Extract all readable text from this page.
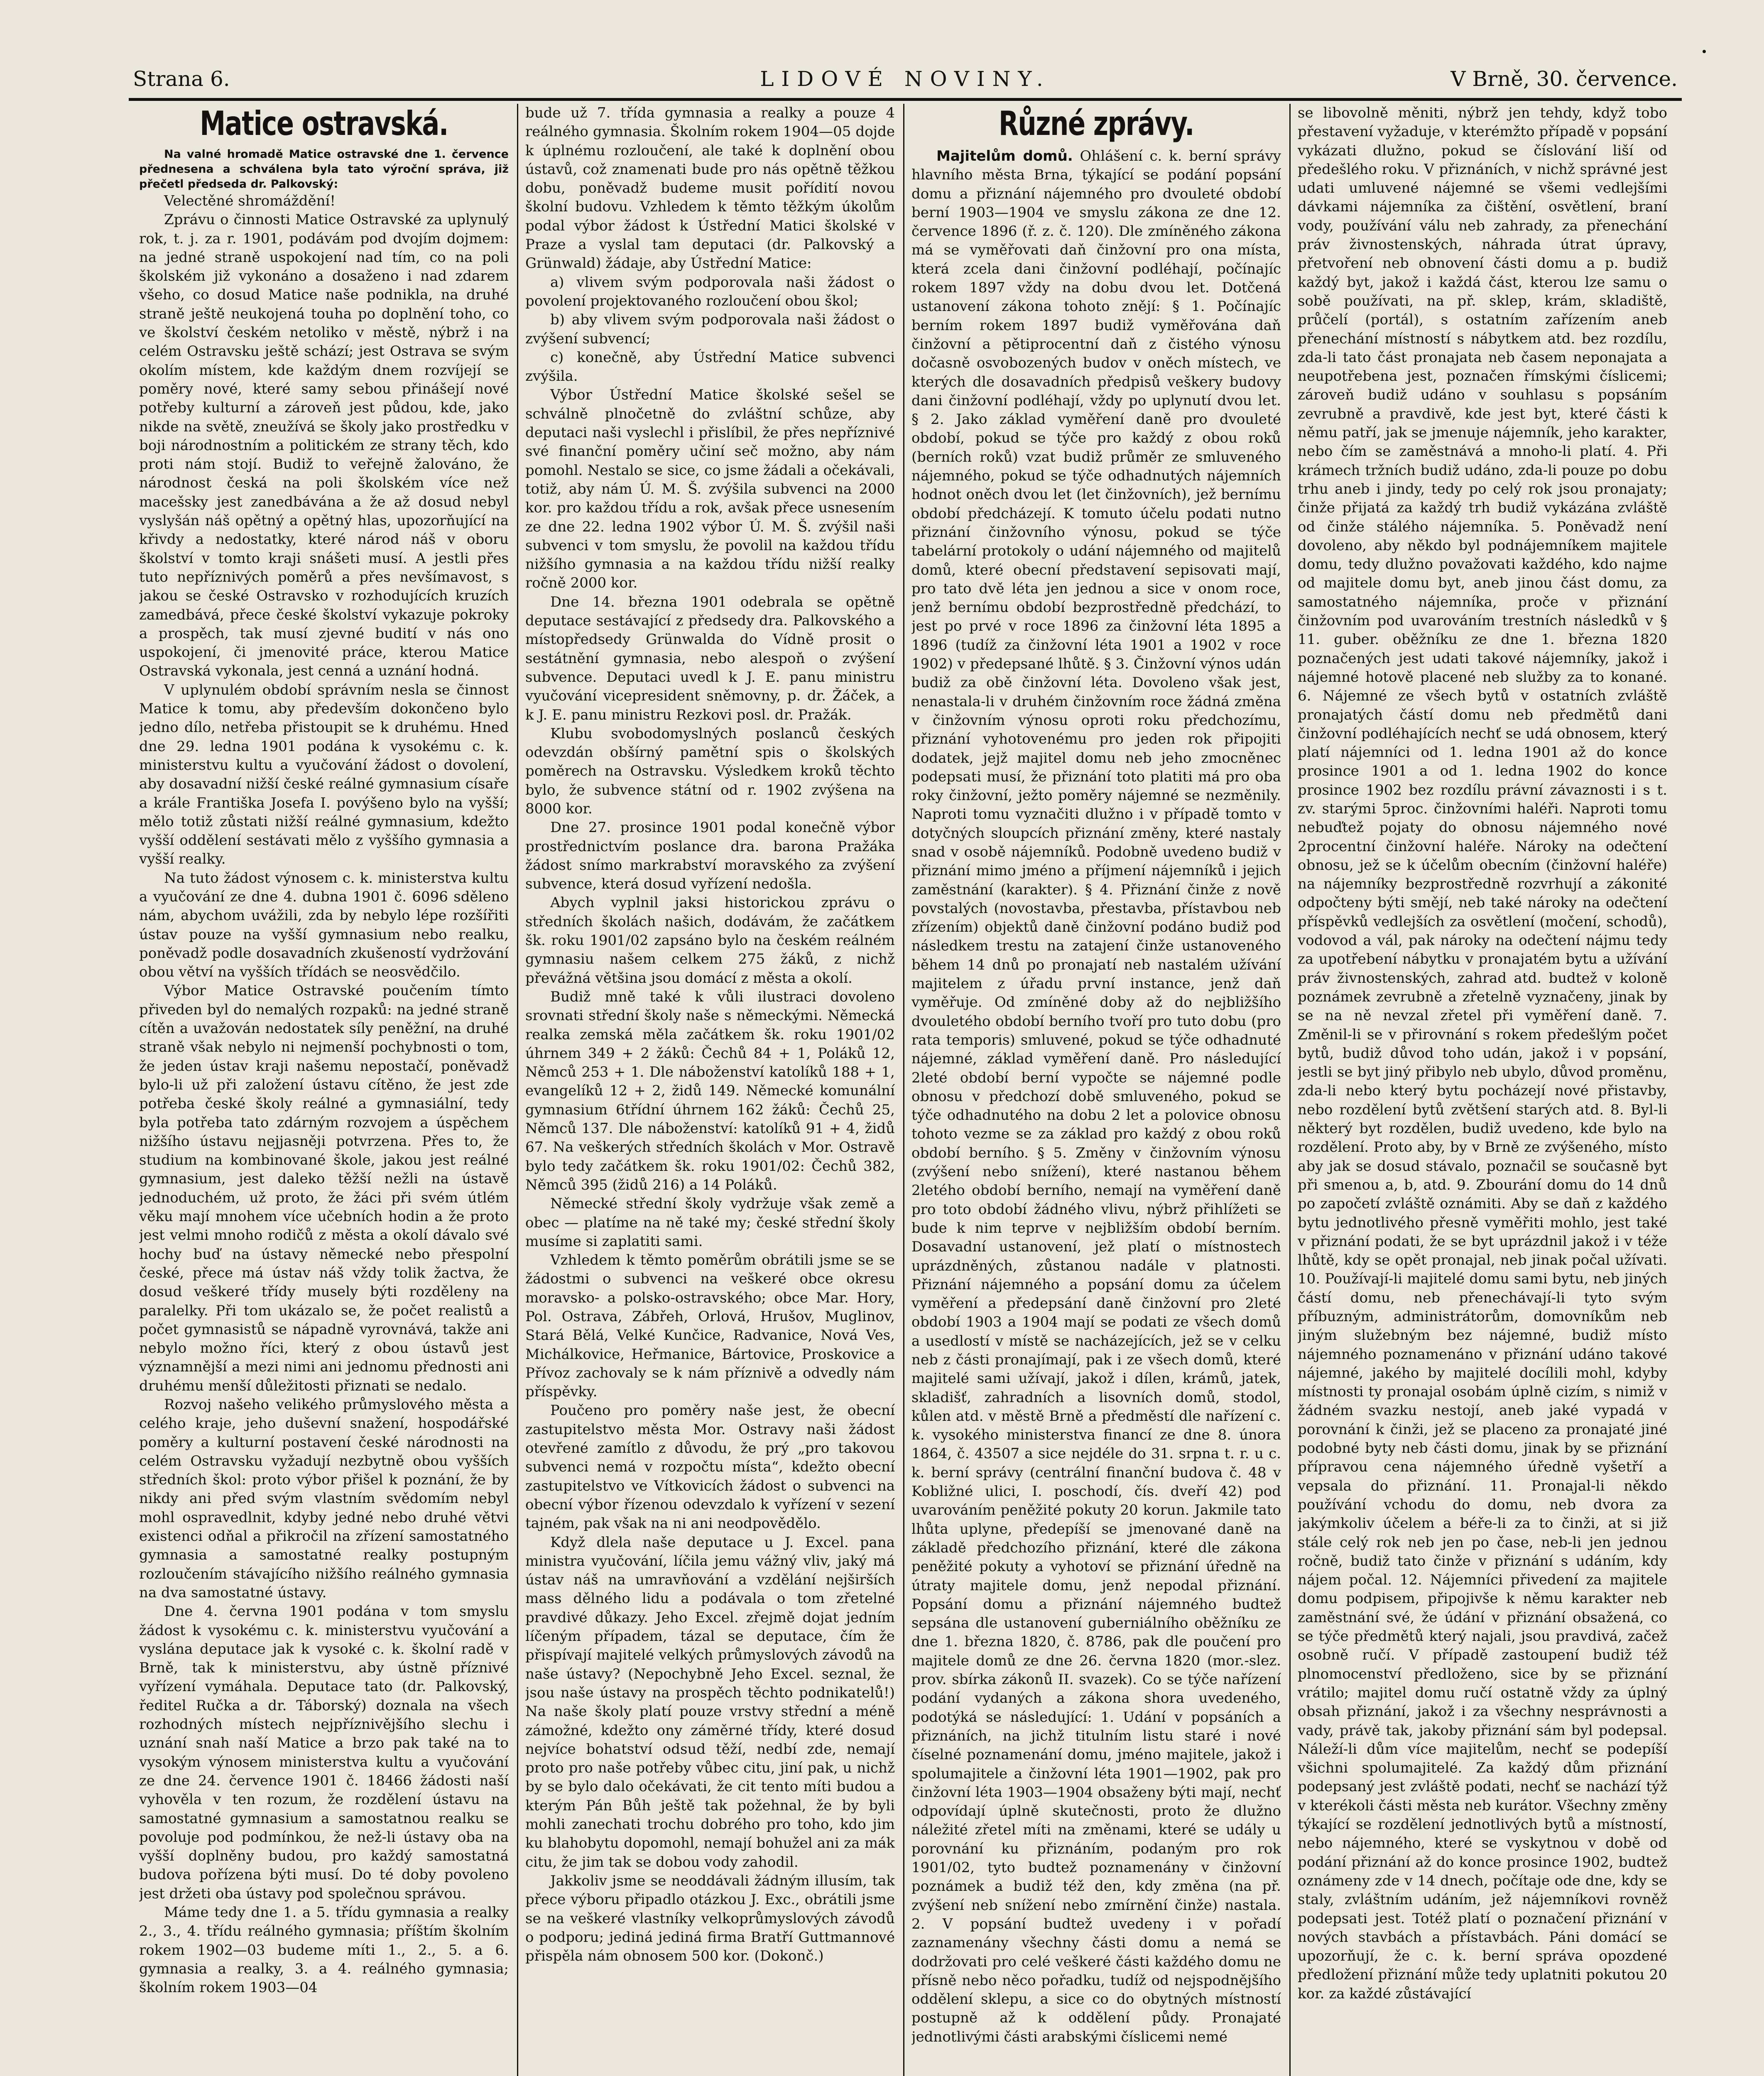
Strana 6.	LIDOVÉ NOVINY.	V Brně, 30. července.
Matice ostravská.

Na valné hromadě Matice ostravské dne 1. července přednesena a schválena byla tato výroční správa, již přečetl předseda dr. Palkovský:

Velectěné shromáždění!

Zprávu o činnosti Matice Ostravské za uplynulý rok, t. j. za r. 1901, podávám pod dvojím dojmem: na jedné straně uspokojení nad tím, co na poli školském již vykonáno a dosaženo i nad zdarem všeho, co dosud Matice naše podnikla, na druhé straně ještě neukojená touha po doplnění toho, co ve školství českém netoliko v městě, nýbrž i na celém Ostravsku ještě schází; jest Ostrava se svým okolím místem, kde každým dnem rozvíjejí se poměry nové, které samy sebou přinášejí nové potřeby kulturní a zároveň jest půdou, kde, jako nikde na světě, zneužívá se školy jako prostředku v boji národnostním a politickém ze strany těch, kdo proti nám stojí. Budiž to veřejně žalováno, že národnost česká na poli školském více než macešsky jest zanedbávána a že až dosud nebyl vyslyšán náš opětný a opětný hlas, upozorňující na křivdy a nedostatky, které národ náš v oboru školství v tomto kraji snášeti musí. A jestli přes tuto nepříznivých poměrů a přes nevšímavost, s jakou se české Ostravsko v rozhodujících kruzích zamedbává, přece české školství vykazuje pokroky a prospěch, tak musí zjevné budití v nás ono uspokojení, či jmenovité práce, kterou Matice Ostravská vykonala, jest cenná a uznání hodná.

V uplynulém období správním nesla se činnost Matice k tomu, aby především dokončeno bylo jedno dílo, netřeba přistoupit se k druhému. Hned dne 29. ledna 1901 podána k vysokému c. k. ministerstvu kultu a vyučování žádost o dovolení, aby dosavadní nižší české reálné gymnasium císaře a krále Františka Josefa I. povýšeno bylo na vyšší; mělo totiž zůstati nižší reálné gymnasium, kdežto vyšší oddělení sestávati mělo z vyššího gymnasia a vyšší realky.

Na tuto žádost výnosem c. k. ministerstva kultu a vyučování ze dne 4. dubna 1901 č. 6096 sděleno nám, abychom uvážili, zda by nebylo lépe rozšířiti ústav pouze na vyšší gymnasium nebo realku, poněvadž podle dosavadních zkušeností vydržování obou větví na vyšších třídách se neosvědčilo.

Výbor Matice Ostravské poučením tímto přiveden byl do nemalých rozpaků: na jedné straně cítěn a uvažován nedostatek síly peněžní, na druhé straně však nebylo ni nejmenší pochybnosti o tom, že jeden ústav kraji našemu nepostačí, poněvadž bylo-li už při založení ústavu cítěno, že jest zde potřeba české školy reálné a gymnasiální, tedy byla potřeba tato zdárným rozvojem a úspěchem nižšího ústavu nejjasněji potvrzena. Přes to, že studium na kombinované škole, jakou jest reálné gymnasium, jest daleko těžší nežli na ústavě jednoduchém, už proto, že žáci při svém útlém věku mají mnohem více učebních hodin a že proto jest velmi mnoho rodičů z města a okolí dávalo své hochy buď na ústavy německé nebo přespolní české, přece má ústav náš vždy tolik žactva, že dosud veškeré třídy musely býti rozděleny na paralelky. Při tom ukázalo se, že počet realistů a počet gymnasistů se nápadně vyrovnává, takže ani nebylo možno říci, který z obou ústavů jest významnější a mezi nimi ani jednomu přednosti ani druhému menší důležitosti přiznati se nedalo.

Rozvoj našeho velikého průmyslového města a celého kraje, jeho duševní snažení, hospodářské poměry a kulturní postavení české národnosti na celém Ostravsku vyžadují nezbytně obou vyšších středních škol: proto výbor přišel k poznání, že by nikdy ani před svým vlastním svědomím nebyl mohl ospravedlnit, kdyby jedné nebo druhé větvi existenci odňal a přikročil na zřízení samostatného gymnasia a samostatné realky postupným rozloučením stávajícího nižšího reálného gymnasia na dva samostatné ústavy.

Dne 4. června 1901 podána v tom smyslu žádost k vysokému c. k. ministerstvu vyučování a vyslána deputace jak k vysoké c. k. školní radě v Brně, tak k ministerstvu, aby ústně příznivé vyřízení vymáhala. Deputace tato (dr. Palkovský, ředitel Ručka a dr. Táborský) doznala na všech rozhodných místech nejpříznivějšího slechu i uznání snah naší Matice a brzo pak také na to vysokým výnosem ministerstva kultu a vyučování ze dne 24. července 1901 č. 18466 žádosti naší vyhověla v ten rozum, že rozdělení ústavu na samostatné gymnasium a samostatnou realku se povoluje pod podmínkou, že než-li ústavy oba na vyšší doplněny budou, pro každý samostatná budova pořízena býti musí. Do té doby povoleno jest držeti oba ústavy pod společnou správou.

Máme tedy dne 1. a 5. třídu gymnasia a realky 2., 3., 4. třídu reálného gymnasia; příštím školním rokem 1902—03 budeme míti 1., 2., 5. a 6. gymnasia a realky, 3. a 4. reálného gymnasia; školním rokem 1903—04

bude už 7. třída gymnasia a realky a pouze 4 reálného gymnasia. Školním rokem 1904—05 dojde k úplnému rozloučení, ale také k doplnění obou ústavů, což znamenati bude pro nás opětně těžkou dobu, poněvadž budeme musit pořídití novou školní budovu. Vzhledem k těmto těžkým úkolům podal výbor žádost k Ústřední Matici školské v Praze a vyslal tam deputaci (dr. Palkovský a Grünwald) žádaje, aby Ústřední Matice:

a) vlivem svým podporovala naši žádost o povolení projektovaného rozloučení obou škol;

b) aby vlivem svým podporovala naši žádost o zvýšení subvencí;

c) konečně, aby Ústřední Matice subvenci zvýšila.

Výbor Ústřední Matice školské sešel se schválně plnočetně do zvláštní schůze, aby deputaci naši vyslechl i přislíbil, že přes nepříznivé své finanční poměry učiní seč možno, aby nám pomohl. Nestalo se sice, co jsme žádali a očekávali, totiž, aby nám Ú. M. Š. zvýšila subvenci na 2000 kor. pro každou třídu a rok, avšak přece usnesením ze dne 22. ledna 1902 výbor Ú. M. Š. zvýšil naši subvenci v tom smyslu, že povolil na každou třídu nižšího gymnasia a na každou třídu nižší realky ročně 2000 kor.

Dne 14. března 1901 odebrala se opětně deputace sestávající z předsedy dra. Palkovského a místopředsedy Grünwalda do Vídně prosit o sestátnění gymnasia, nebo alespoň o zvýšení subvence. Deputaci uvedl k J. E. panu ministru vyučování vicepresident sněmovny, p. dr. Žáček, a k J. E. panu ministru Rezkovi posl. dr. Pražák.

Klubu svobodomyslných poslanců českých odevzdán obšírný pamětní spis o školských poměrech na Ostravsku. Výsledkem kroků těchto bylo, že subvence státní od r. 1902 zvýšena na 8000 kor.

Dne 27. prosince 1901 podal konečně výbor prostřednictvím poslance dra. barona Pražáka žádost snímo markrabství moravského za zvýšení subvence, která dosud vyřízení nedošla.

Abych vyplnil jaksi historickou zprávu o středních školách našich, dodávám, že začátkem šk. roku 1901/02 zapsáno bylo na českém reálném gymnasiu našem celkem 275 žáků, z nichž převážná většina jsou domácí z města a okolí.

Budiž mně také k vůli ilustraci dovoleno srovnati střední školy naše s německými. Německá realka zemská měla začátkem šk. roku 1901/02 úhrnem 349 + 2 žáků: Čechů 84 + 1, Poláků 12, Němců 253 + 1. Dle náboženství katolíků 188 + 1, evangelíků 12 + 2, židů 149. Německé komunální gymnasium 6třídní úhrnem 162 žáků: Čechů 25, Němců 137. Dle náboženství: katolíků 91 + 4, židů 67. Na veškerých středních školách v Mor. Ostravě bylo tedy začátkem šk. roku 1901/02: Čechů 382, Němců 395 (židů 216) a 14 Poláků.

Německé střední školy vydržuje však země a obec — platíme na ně také my; české střední školy musíme si zaplatiti sami.

Vzhledem k těmto poměrům obrátili jsme se se žádostmi o subvenci na veškeré obce okresu moravsko- a polsko-ostravského; obce Mar. Hory, Pol. Ostrava, Zábřeh, Orlová, Hrušov, Muglinov, Stará Bělá, Velké Kunčice, Radvanice, Nová Ves, Michálkovice, Heřmanice, Bártovice, Proskovice a Přívoz zachovaly se k nám příznivě a odvedly nám příspěvky.

Poučeno pro poměry naše jest, že obecní zastupitelstvo města Mor. Ostravy naši žádost otevřené zamítlo z důvodu, že prý „pro takovou subvenci nemá v rozpočtu místa“, kdežto obecní zastupitelstvo ve Vítkovicích žádost o subvenci na obecní výbor řízenou odevzdalo k vyřízení v sezení tajném, pak však na ni ani neodpovědělo.

Když dlela naše deputace u J. Excel. pana ministra vyučování, líčila jemu vážný vliv, jaký má ústav náš na umravňování a vzdělání nejširších mass dělného lidu a podávala o tom zřetelné pravdivé důkazy. Jeho Excel. zřejmě dojat jedním líčeným případem, tázal se deputace, čím že přispívají majitelé velkých průmyslových závodů na naše ústavy? (Nepochybně Jeho Excel. seznal, že jsou naše ústavy na prospěch těchto podnikatelů!) Na naše školy platí pouze vrstvy střední a méně zámožné, kdežto ony záměrné třídy, které dosud nejvíce bohatství odsud těží, nedbí zde, nemají proto pro naše potřeby vůbec citu, jiní pak, u nichž by se bylo dalo očekávati, že cit tento míti budou a kterým Pán Bůh ještě tak požehnal, že by byli mohli zanechati trochu dobrého pro toho, kdo jim ku blahobytu dopomohl, nemají bohužel ani za mák citu, že jim tak se dobou vody zahodil.

Jakkoliv jsme se neoddávali žádným illusím, tak přece výboru připadlo otázkou J. Exc., obrátili jsme se na veškeré vlastníky velkoprůmyslových závodů o podporu; jediná jediná firma Bratří Guttmannové přispěla nám obnosem 500 kor. (Dokonč.)

Různé zprávy.

Majitelům domů. Ohlášení c. k. berní správy hlavního města Brna, týkající se podání popsání domu a přiznání nájemného pro dvouleté období berní 1903—1904 ve smyslu zákona ze dne 12. července 1896 (ř. z. č. 120). Dle zmíněného zákona má se vyměřovati daň činžovní pro ona místa, která zcela dani činžovní podléhají, počínajíc rokem 1897 vždy na dobu dvou let. Dotčená ustanovení zákona tohoto znějí: § 1. Počínajíc berním rokem 1897 budiž vyměřována daň činžovní a pětiprocentní daň z čistého výnosu dočasně osvobozených budov v oněch místech, ve kterých dle dosavadních předpisů veškery budovy dani činžovní podléhají, vždy po uplynutí dvou let. § 2. Jako základ vyměření daně pro dvouleté období, pokud se týče pro každý z obou roků (berních roků) vzat budiž průměr ze smluveného nájemného, pokud se týče odhadnutých nájemních hodnot oněch dvou let (let činžovních), jež bernímu období předcházejí. K tomuto účelu podati nutno přiznání činžovního výnosu, pokud se týče tabelární protokoly o udání nájemného od majitelů domů, které obecní představení sepisovati mají, pro tato dvě léta jen jednou a sice v onom roce, jenž bernímu období bezprostředně předchází, to jest po prvé v roce 1896 za činžovní léta 1895 a 1896 (tudíž za činžovní léta 1901 a 1902 v roce 1902) v předepsané lhůtě. § 3. Činžovní výnos udán budiž za obě činžovní léta. Dovoleno však jest, nenastala-li v druhém činžovním roce žádná změna v činžovním výnosu oproti roku předchozímu, přiznání vyhotovenému pro jeden rok připojiti dodatek, jejž majitel domu neb jeho zmocněnec podepsati musí, že přiznání toto platiti má pro oba roky činžovní, ježto poměry nájemné se nezměnily. Naproti tomu vyznačiti dlužno i v případě tomto v dotyčných sloupcích přiznání změny, které nastaly snad v osobě nájemníků. Podobně uvedeno budiž v přiznání mimo jméno a příjmení nájemníků i jejich zaměstnání (karakter). § 4. Přiznání činže z nově povstalých (novostavba, přestavba, přístavbou neb zřízením) objektů daně činžovní podáno budiž pod následkem trestu na zatajení činže ustanoveného během 14 dnů po pronajatí neb nastalém užívání majitelem z úřadu první instance, jenž daň vyměřuje. Od zmíněné doby až do nejbližšího dvouletého období berního tvoří pro tuto dobu (pro rata temporis) smluvené, pokud se týče odhadnuté nájemné, základ vyměření daně. Pro následující 2leté období berní vypočte se nájemné podle obnosu v předchozí době smluveného, pokud se týče odhadnutého na dobu 2 let a polovice obnosu tohoto vezme se za základ pro každý z obou roků období berního. § 5. Změny v činžovním výnosu (zvýšení nebo snížení), které nastanou během 2letého období berního, nemají na vyměření daně pro toto období žádného vlivu, nýbrž přihlížeti se bude k nim teprve v nejbližším období berním. Dosavadní ustanovení, jež platí o místnostech uprázdněných, zůstanou nadále v platnosti. Přiznání nájemného a popsání domu za účelem vyměření a předepsání daně činžovní pro 2leté období 1903 a 1904 mají se podati ze všech domů a usedlostí v místě se nacházejících, jež se v celku neb z části pronajímají, pak i ze všech domů, které majitelé sami užívají, jakož i dílen, krámů, jatek, skladišť, zahradních a lisovních domů, stodol, kůlen atd. v městě Brně a předměstí dle nařízení c. k. vysokého ministerstva financí ze dne 8. února 1864, č. 43507 a sice nejdéle do 31. srpna t. r. u c. k. berní správy (centrální finanční budova č. 48 v Kobližné ulici, I. poschodí, čís. dveří 42) pod uvarováním peněžité pokuty 20 korun. Jakmile tato lhůta uplyne, předepíší se jmenované daně na základě předchozího přiznání, které dle zákona peněžité pokuty a vyhotoví se přiznání úředně na útraty majitele domu, jenž nepodal přiznání. Popsání domu a přiznání nájemného budtež sepsána dle ustanovení guberniálního oběžníku ze dne 1. března 1820, č. 8786, pak dle poučení pro majitele domů ze dne 26. června 1820 (mor.-slez. prov. sbírka zákonů II. svazek). Co se týče nařízení podání vydaných a zákona shora uvedeného, podotýká se následující: 1. Udání v popsáních a přiznáních, na jichž titulním listu staré i nové číselné poznamenání domu, jméno majitele, jakož i spolumajitele a činžovní léta 1901—1902, pak pro činžovní léta 1903—1904 obsaženy býti mají, nechť odpovídají úplně skutečnosti, proto že dlužno náležité zřetel míti na změnami, které se udály u porovnání ku přiznáním, podaným pro rok 1901/02, tyto budtež poznamenány v činžovní poznámek a budiž též den, kdy změna (na př. zvýšení neb snížení nebo zmírnění činže) nastala. 2. V popsání budtež uvedeny i v pořadí zaznamenány všechny části domu a nemá se dodržovati pro celé veškeré části každého domu ne přísně nebo něco pořadku, tudíž od nejspodnějšího oddělení sklepu, a sice co do obytných místností postupně až k oddělení půdy. Pronajaté jednotlivými části arabskými číslicemi nemé

se libovolně měniti, nýbrž jen tehdy, když tobo přestavení vyžaduje, v kterémžto případě v popsání vykázati dlužno, pokud se číslování liší od předešlého roku. V přiznáních, v nichž správné jest udati umluvené nájemné se všemi vedlejšími dávkami nájemníka za čištění, osvětlení, braní vody, používání válu neb zahrady, za přenechání práv živnostenských, náhrada útrat úpravy, přetvoření neb obnovení části domu a p. budiž každý byt, jakož i každá část, kterou lze samu o sobě používati, na př. sklep, krám, skladiště, průčelí (portál), s ostatním zařízením aneb přenechání místností s nábytkem atd. bez rozdílu, zda-li tato část pronajata neb časem neponajata a neupotřebena jest, poznačen římskými číslicemi; zároveň budiž udáno v souhlasu s popsáním zevrubně a pravdivě, kde jest byt, které části k němu patří, jak se jmenuje nájemník, jeho karakter, nebo čím se zaměstnává a mnoho-li platí. 4. Při krámech tržních budiž udáno, zda-li pouze po dobu trhu aneb i jindy, tedy po celý rok jsou pronajaty; činže přijatá za každý trh budiž vykázána zvláště od činže stálého nájemníka. 5. Poněvadž není dovoleno, aby někdo byl podnájemníkem majitele domu, tedy dlužno považovati každého, kdo najme od majitele domu byt, aneb jinou část domu, za samostatného nájemníka, proče v přiznání činžovním pod uvarováním trestních následků v § 11. guber. oběžníku ze dne 1. března 1820 poznačených jest udati takové nájemníky, jakož i nájemné hotově placené neb služby za to konané. 6. Nájemné ze všech bytů v ostatních zvláště pronajatých částí domu neb předmětů dani činžovní podléhajících nechť se udá obnosem, který platí nájemníci od 1. ledna 1901 až do konce prosince 1901 a od 1. ledna 1902 do konce prosince 1902 bez rozdílu právní závaznosti i s t. zv. starými 5proc. činžovními haléři. Naproti tomu nebuďtež pojaty do obnosu nájemného nové 2procentní činžovní haléře. Nároky na odečtení obnosu, jež se k účelům obecním (činžovní haléře) na nájemníky bezprostředně rozvrhují a zákonité odpočteny býti smějí, neb také nároky na odečtení příspěvků vedlejších za osvětlení (močení, schodů), vodovod a vál, pak nároky na odečtení nájmu tedy za upotřebení nábytku v pronajatém bytu a užívání práv živnostenských, zahrad atd. budtež v koloně poznámek zevrubně a zřetelně vyznačeny, jinak by se na ně nevzal zřetel při vyměření daně. 7. Změnil-li se v přirovnání s rokem předešlým počet bytů, budiž důvod toho udán, jakož i v popsání, jestli se byt jiný přibylo neb ubylo, důvod proměnu, zda-li nebo který bytu pocházejí nové přistavby, nebo rozdělení bytů zvětšení starých atd. 8. Byl-li některý byt rozdělen, budiž uvedeno, kde bylo na rozdělení. Proto aby, by v Brně ze zvýšeného, místo aby jak se dosud stávalo, poznačil se současně byt při smenou a, b, atd. 9. Zbourání domu do 14 dnů po započetí zvláště oznámiti. Aby se daň z každého bytu jednotlivého přesně vyměřiti mohlo, jest také v přiznání podati, že se byt uprázdnil jakož i v téže lhůtě, kdy se opět pronajal, neb jinak počal užívati. 10. Používají-li majitelé domu sami bytu, neb jiných částí domu, neb přenechávají-li tyto svým příbuzným, administrátorům, domovníkům neb jiným služebným bez nájemné, budiž místo nájemného poznamenáno v přiznání udáno takové nájemné, jakého by majitelé docílili mohl, kdyby místnosti ty pronajal osobám úplně cizím, s nimiž v žádném svazku nestojí, aneb jaké vypadá v porovnání k činži, jež se placeno za pronajaté jiné podobné byty neb části domu, jinak by se přiznání přípravou cena nájemného úředně vyšetří a vepsala do přiznání. 11. Pronajal-li někdo používání vchodu do domu, neb dvora za jakýmkoliv účelem a béře-li za to činži, at si již stále celý rok neb jen po čase, neb-li jen jednou ročně, budiž tato činže v přiznání s udáním, kdy nájem počal. 12. Nájemníci přivedení za majitele domu podpisem, připojivše k němu karakter neb zaměstnání své, že údání v přiznání obsažená, co se týče předmětů který najali, jsou pravdivá, začež osobně ručí. V případě zastoupení budiž též plnomocenství předloženo, sice by se přiznání vrátilo; majitel domu ručí ostatně vždy za úplný obsah přiznání, jakož i za všechny nesprávnosti a vady, právě tak, jakoby přiznání sám byl podepsal. Náleží-li dům více majitelům, nechť se podepíší všichni spolumajitelé. Za každý dům přiznání podepsaný jest zvláště podati, nechť se nachází týž v kterékoli části města neb kurátor. Všechny změny týkající se rozdělení jednotlivých bytů a místností, nebo nájemného, které se vyskytnou v době od podání přiznání až do konce prosince 1902, budtež oznámeny zde v 14 dnech, počítaje ode dne, kdy se staly, zvláštním udáním, jež nájemníkovi rovněž podepsati jest. Totéž platí o poznačení přiznání v nových stavbách a přístavbách. Páni domácí se upozorňují, že c. k. berní správa opozdené předložení přiznání může tedy uplatniti pokutou 20 kor. za každé zůstávající
